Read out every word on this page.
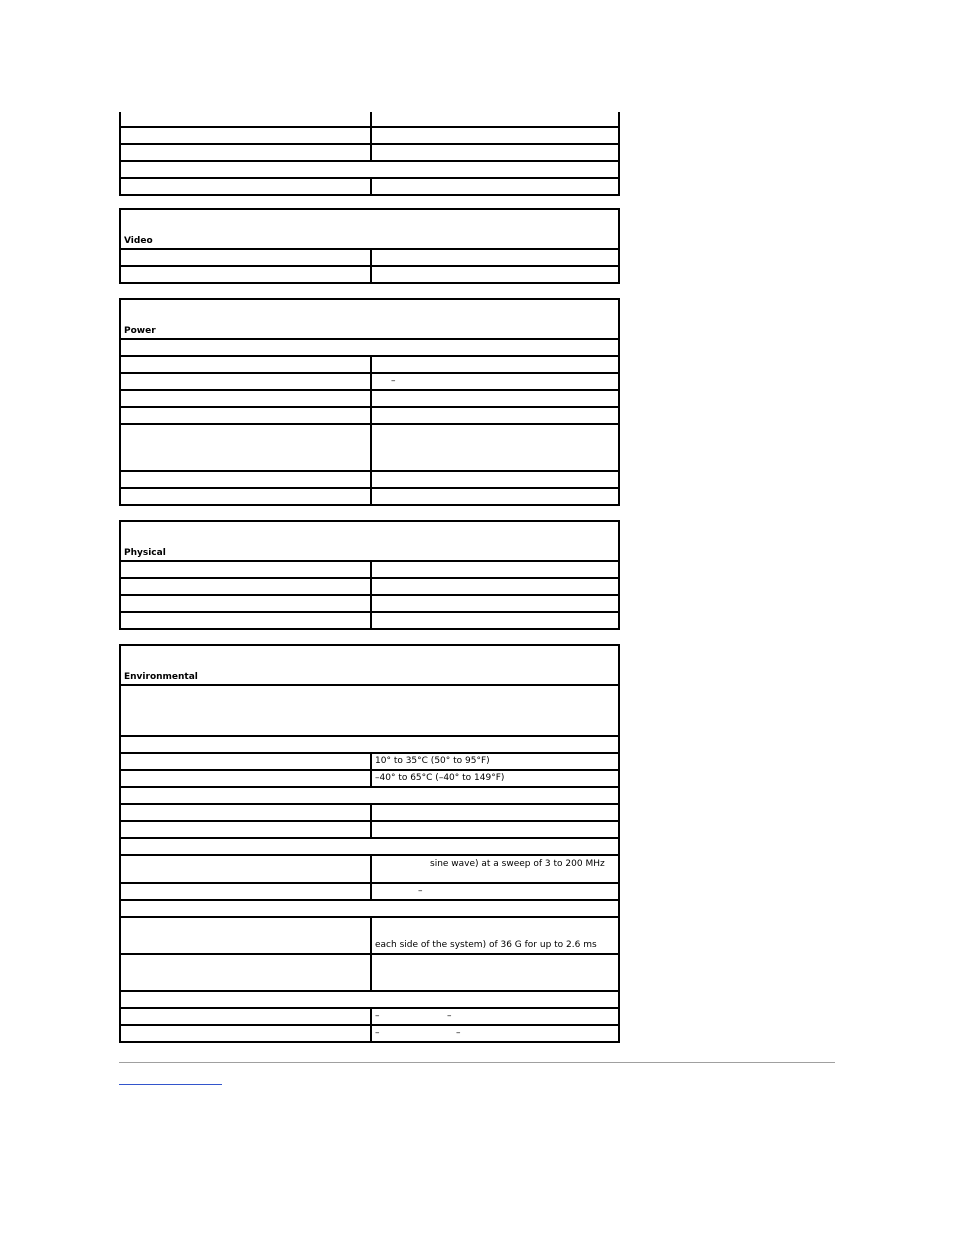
Video
Power
–
Physical
Environmental
10° to 35°C (50° to 95°F)
–40° to 65°C (–40° to 149°F)
sine wave) at a sweep of 3 to 200 MHz
–
each side of the system) of 36 G for up to 2.6 ms
–	–
–	–
